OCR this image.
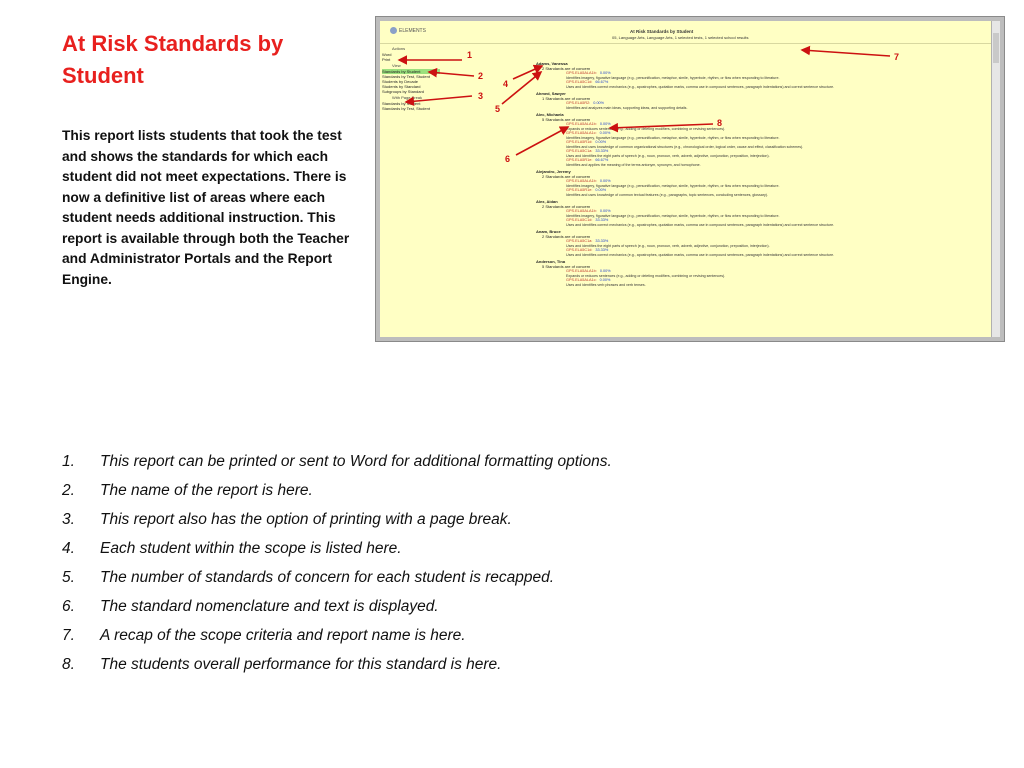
At Risk Standards by Student
This report lists students that took the test and shows the standards for which each student did not meet expectations. There is now a definitive list of areas where each student needs additional instruction. This report is available through both the Teacher and Administrator Portals and the Report Engine.
ELEMENTS	At Risk Standards by Student
05, Language Arts, Language Arts, 1 selected tests, 1 selected school results
Actions
Word
Print
View
Standards by Student
Standards by Test, Student
Students by Decade
Students by Standard
Subgroups by Standard
With Page Break
Standards by Student
Standards by Test, Student
Adams, Vanessa
2 Standards are of concern
GPS.ELA5ALA1b: 0.00%
Identifies imagery, figurative language (e.g., personification, metaphor, simile, hyperbole, rhythm, or flow when responding to literature.
GPS.ELA5C1d: 66.67%
Uses and identifies correct mechanics (e.g., apostrophes, quotation marks, comma use in compound sentences, paragraph indentations) and correct sentence structure.
Ahmed, Sawyer
1 Standards are of concern
GPS.ELA5R2: 0.00%
Identifies and analyzes main ideas, supporting ideas, and supporting details.
Alec, Michaela
5 Standards are of concern
GPS.ELA5ALA1b: 0.00%
Expands or reduces sentences (e.g., adding or deleting modifiers, combining or revising sentences).
GPS.ELA5ALA1c: 0.00%
Identifies imagery, figurative language (e.g., personification, metaphor, simile, hyperbole, rhythm, or flow when responding to literature.
GPS.ELA5R1d: 0.00%
Identifies and uses knowledge of common organizational structures (e.g., chronological order, logical order, cause and effect, classification schemes).
GPS.ELA5C1a: 33.33%
Uses and identifies the eight parts of speech (e.g., noun, pronoun, verb, adverb, adjective, conjunction, preposition, interjection).
GPS.ELA5R1e: 66.67%
Identifies and applies the meaning of the terms antonym, synonym, and homophone.
Alejandro, Jeremy
2 Standards are of concern
GPS.ELA5ALA1b: 0.00%
Identifies imagery, figurative language (e.g., personification, metaphor, simile, hyperbole, rhythm, or flow when responding to literature.
GPS.ELA5R1e: 0.00%
Identifies and uses knowledge of common textual features (e.g., paragraphs, topic sentences, concluding sentences, glossary).
Alex, Aidan
2 Standards are of concern
GPS.ELA5ALA1b: 0.00%
Identifies imagery, figurative language (e.g., personification, metaphor, simile, hyperbole, rhythm, or flow when responding to literature.
GPS.ELA5C1d: 33.33%
Uses and identifies correct mechanics (e.g., apostrophes, quotation marks, comma use in compound sentences, paragraph indentations) and correct sentence structure.
Anam, Bruce
2 Standards are of concern
GPS.ELA5C1a: 33.33%
Uses and identifies the eight parts of speech (e.g., noun, pronoun, verb, adverb, adjective, conjunction, preposition, interjection).
GPS.ELA5C1d: 33.33%
Uses and identifies correct mechanics (e.g., apostrophes, quotation marks, comma use in compound sentences, paragraph indentations) and correct sentence structure.
Anderson, Tina
5 Standards are of concern
GPS.ELA5ALA1b: 0.00%
Expands or reduces sentences (e.g., adding or deleting modifiers, combining or revising sentences).
GPS.ELA5ALA1c: 0.00%
Uses and identifies verb phrases and verb tenses.
1
2
3
4
5
6
7
8
1.	This report can be printed or sent to Word for additional formatting options.
2.	The name of the report is here.
3.	This report also has the option of printing with a page break.
4.	Each student within the scope is listed here.
5.	The number of standards of concern for each student is recapped.
6.	The standard nomenclature and text is displayed.
7.	A recap of the scope criteria and report name is here.
8.	The students overall performance for this standard is here.
